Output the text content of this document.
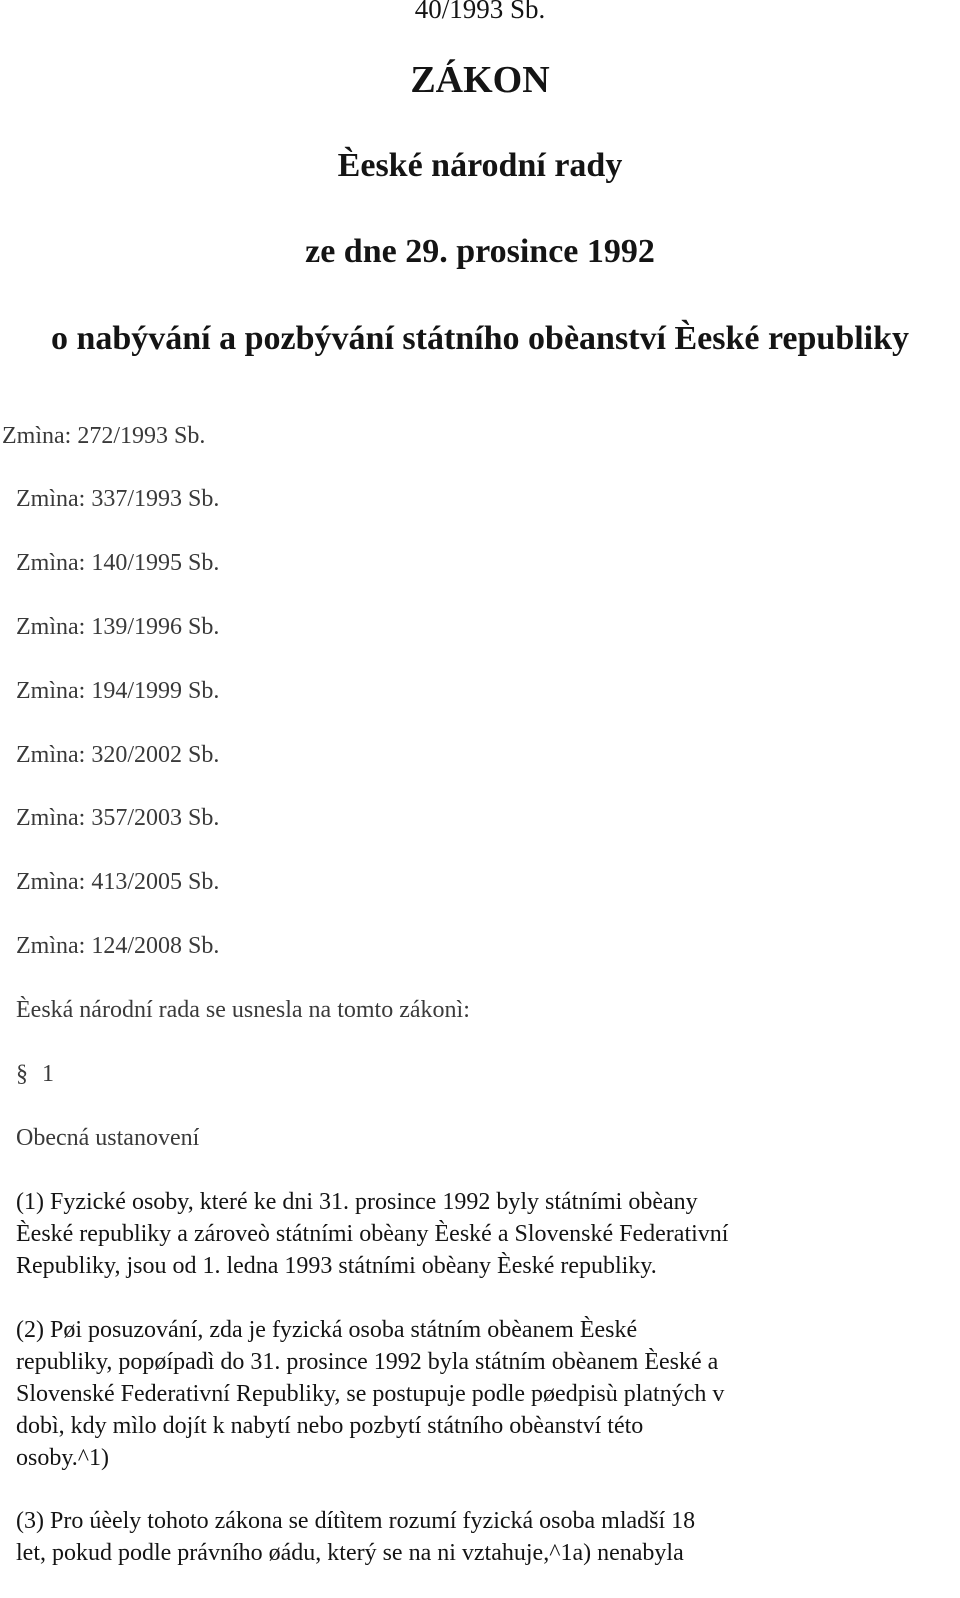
40/1993 Sb.
ZÁKON
Èeské národní rady
ze dne 29. prosince 1992
o nabývání a pozbývání státního obèanství Èeské republiky
Zmìna: 272/1993 Sb.
Zmìna: 337/1993 Sb.
Zmìna: 140/1995 Sb.
Zmìna: 139/1996 Sb.
Zmìna: 194/1999 Sb.
Zmìna: 320/2002 Sb.
Zmìna: 357/2003 Sb.
Zmìna: 413/2005 Sb.
Zmìna: 124/2008 Sb.
Èeská národní rada se usnesla na tomto zákonì:
§ 1
Obecná ustanovení
(1) Fyzické osoby, které ke dni 31. prosince 1992 byly státními obèany
Èeské republiky a zároveò státními obèany Èeské a Slovenské Federativní
Republiky, jsou od 1. ledna 1993 státními obèany Èeské republiky.
(2) Pøi posuzování, zda je fyzická osoba státním obèanem Èeské
republiky, popøípadì do 31. prosince 1992 byla státním obèanem Èeské a
Slovenské Federativní Republiky, se postupuje podle pøedpisù platných v
dobì, kdy mìlo dojít k nabytí nebo pozbytí státního obèanství této
osoby.^1)
(3) Pro úèely tohoto zákona se dítìtem rozumí fyzická osoba mladší 18
let, pokud podle právního øádu, který se na ni vztahuje,^1a) nenabyla
